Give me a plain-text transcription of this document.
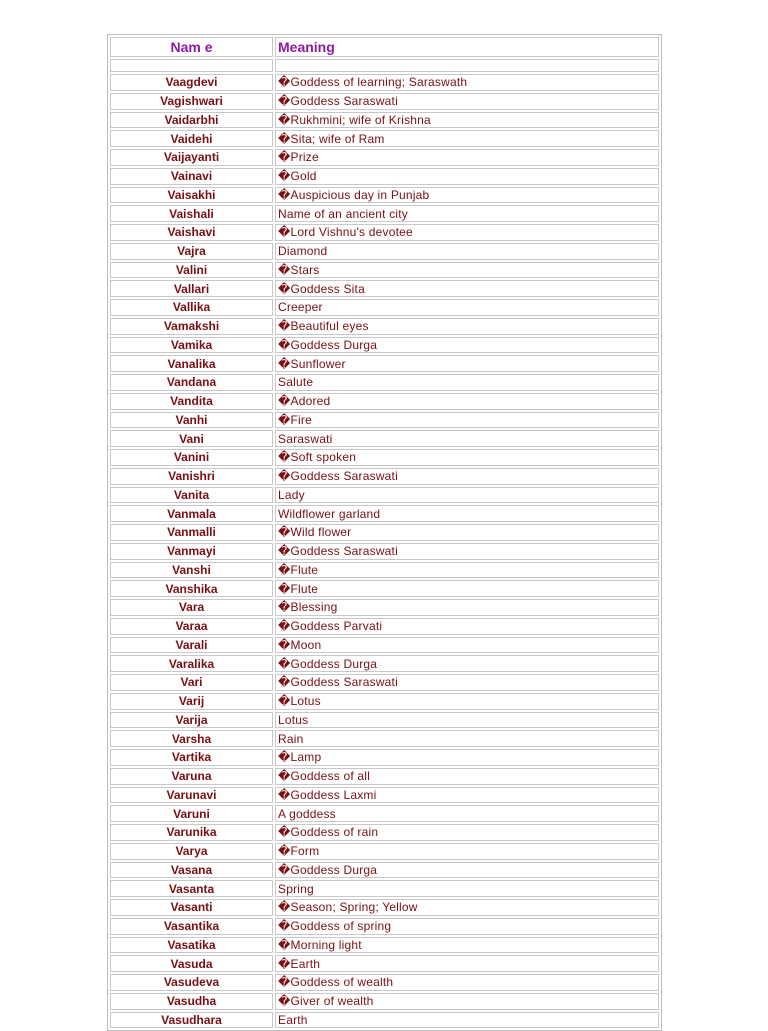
Nam e	Meaning

Vaagdevi	�Goddess of learning; Saraswath
Vagishwari	�Goddess Saraswati
Vaidarbhi	�Rukhmini; wife of Krishna
Vaidehi	�Sita; wife of Ram
Vaijayanti	�Prize
Vainavi	�Gold
Vaisakhi	�Auspicious day in Punjab
Vaishali	Name of an ancient city
Vaishavi	�Lord Vishnu's devotee
Vajra	Diamond
Valini	�Stars
Vallari	�Goddess Sita
Vallika	Creeper
Vamakshi	�Beautiful eyes
Vamika	�Goddess Durga
Vanalika	�Sunflower
Vandana	Salute
Vandita	�Adored
Vanhi	�Fire
Vani	Saraswati
Vanini	�Soft spoken
Vanishri	�Goddess Saraswati
Vanita	Lady
Vanmala	Wildflower garland
Vanmalli	�Wild flower
Vanmayi	�Goddess Saraswati
Vanshi	�Flute
Vanshika	�Flute
Vara	�Blessing
Varaa	�Goddess Parvati
Varali	�Moon
Varalika	�Goddess Durga
Vari	�Goddess Saraswati
Varij	�Lotus
Varija	Lotus
Varsha	Rain
Vartika	�Lamp
Varuna	�Goddess of all
Varunavi	�Goddess Laxmi
Varuni	A goddess
Varunika	�Goddess of rain
Varya	�Form
Vasana	�Goddess Durga
Vasanta	Spring
Vasanti	�Season; Spring; Yellow
Vasantika	�Goddess of spring
Vasatika	�Morning light
Vasuda	�Earth
Vasudeva	�Goddess of wealth
Vasudha	�Giver of wealth
Vasudhara	Earth
